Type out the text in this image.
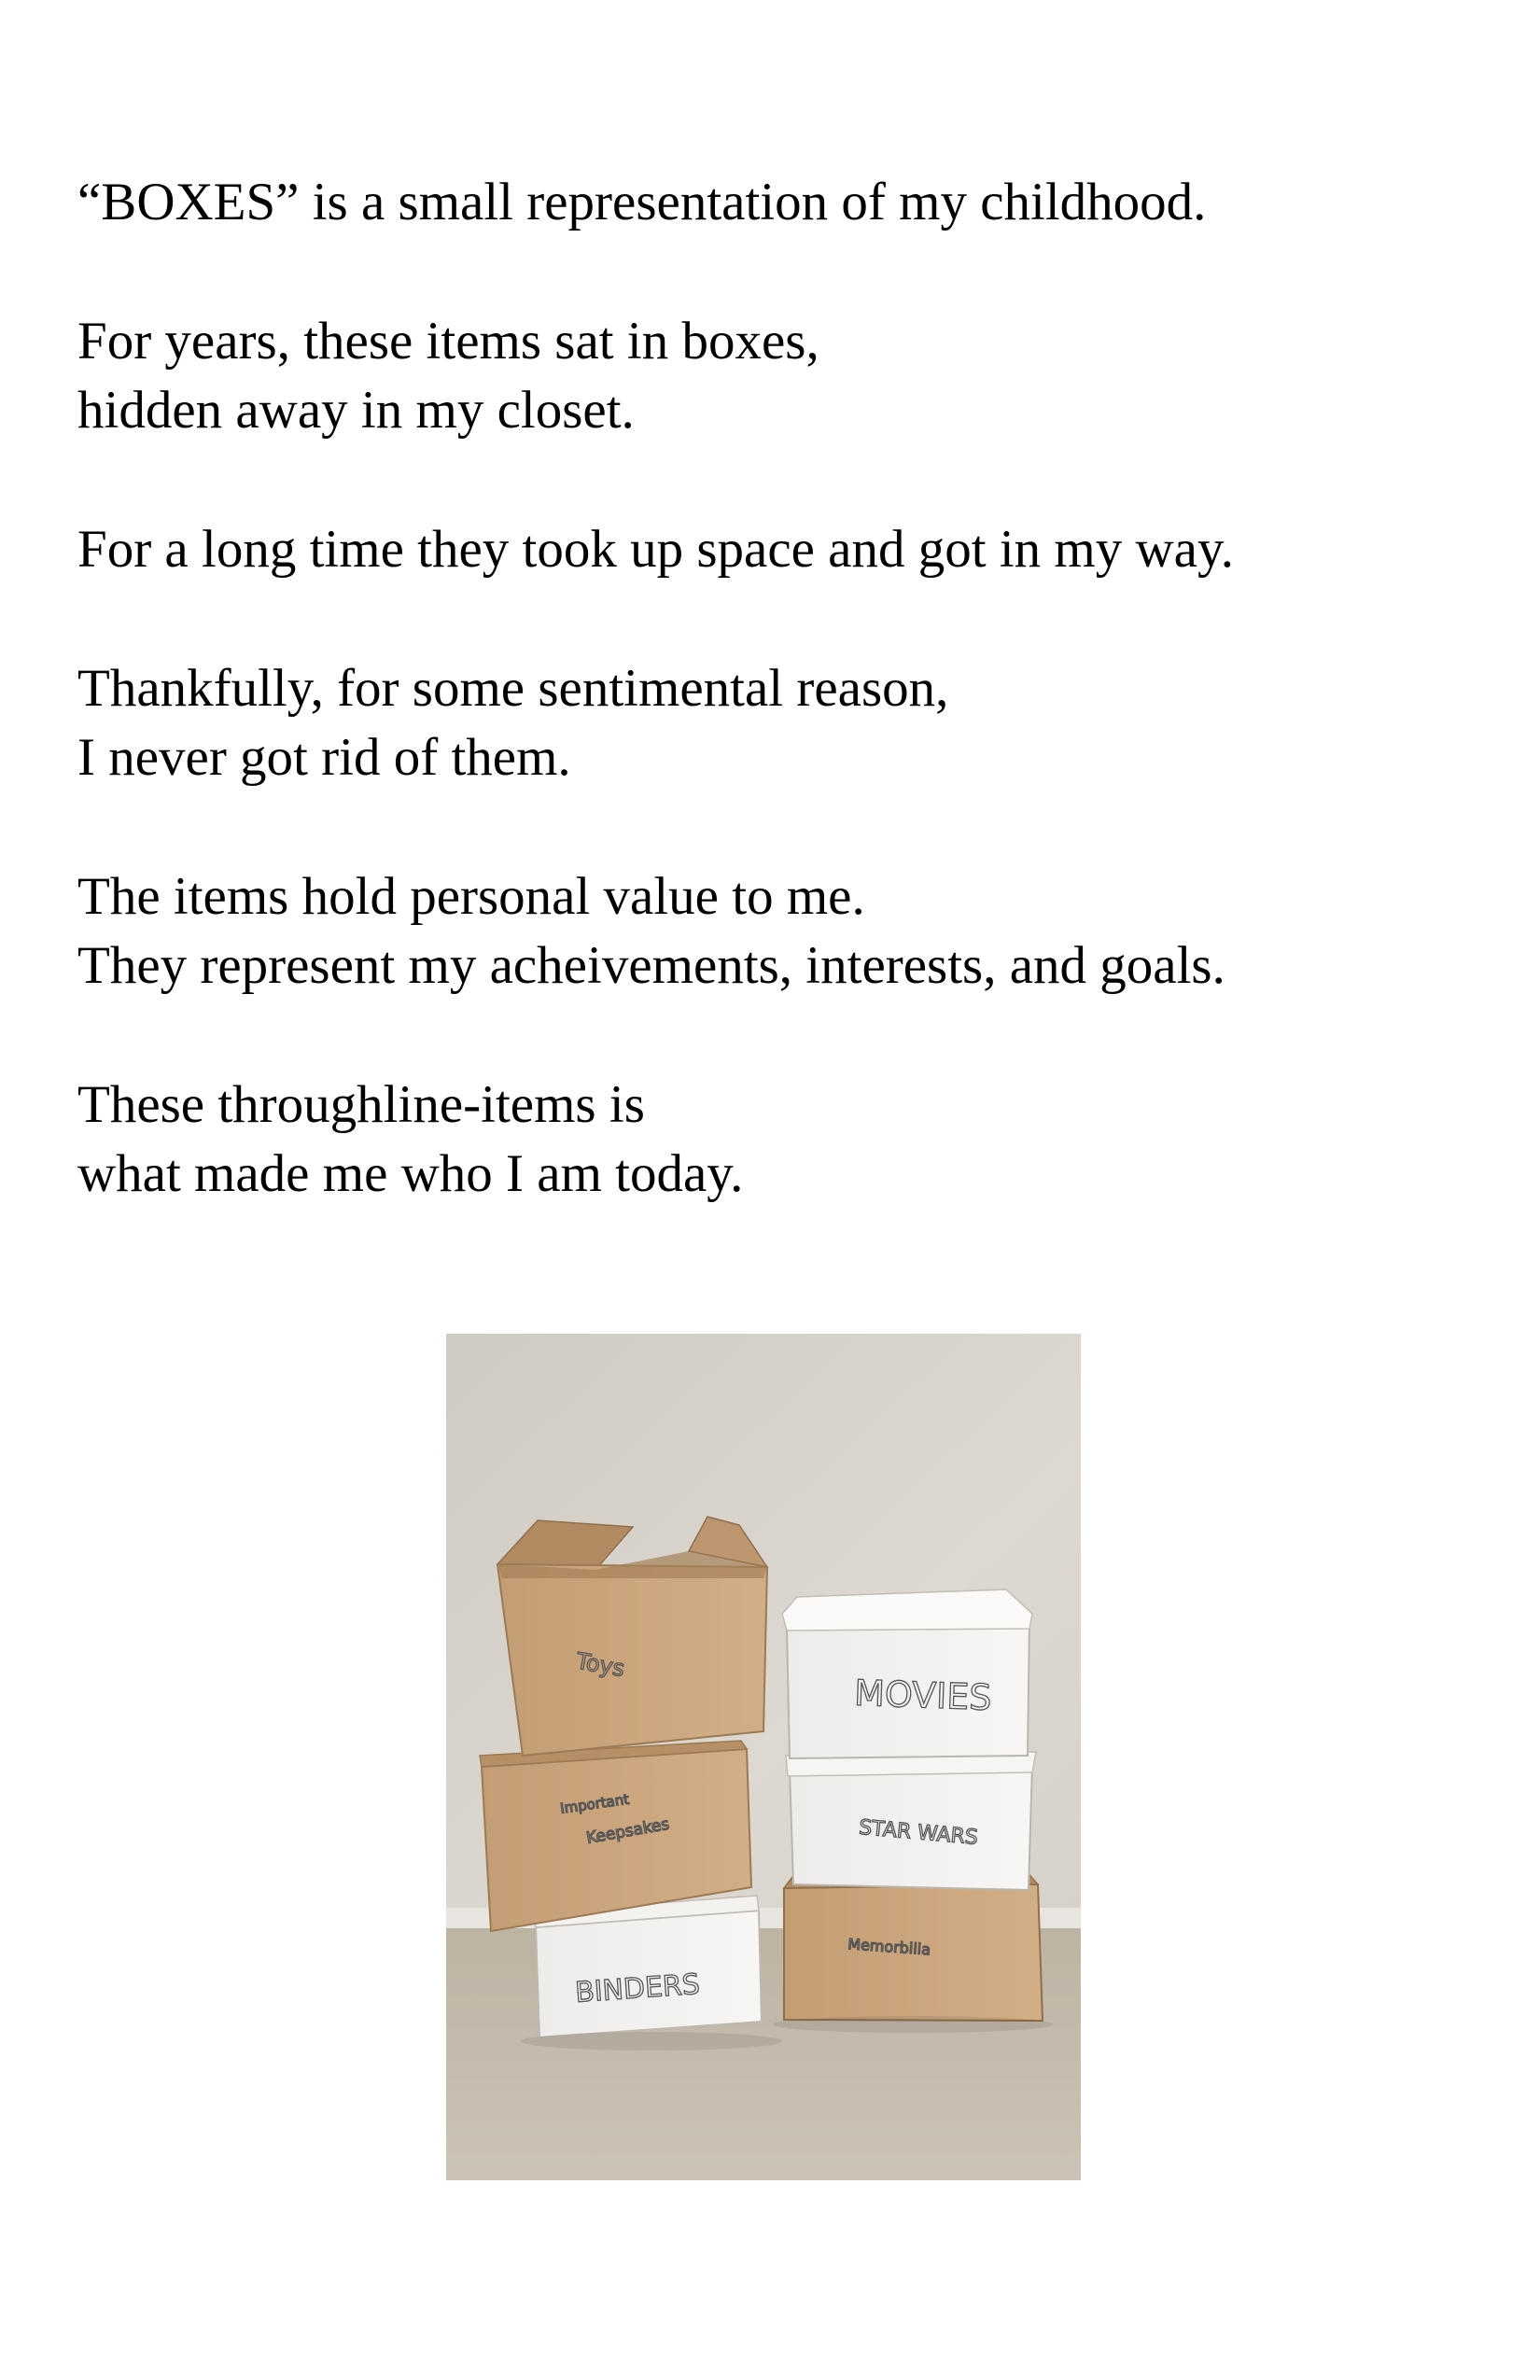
“BOXES” is a small representation of my childhood.
For years, these items sat in boxes,
hidden away in my closet.
For a long time they took up space and got in my way.
Thankfully, for some sentimental reason,
I never got rid of them.
The items hold personal value to me.
They represent my acheivements, interests, and goals.
These throughline-items is
what made me who I am today.
BINDERS
Important
Keepsakes
Toys
Memorbilia
STAR WARS
MOVIES
